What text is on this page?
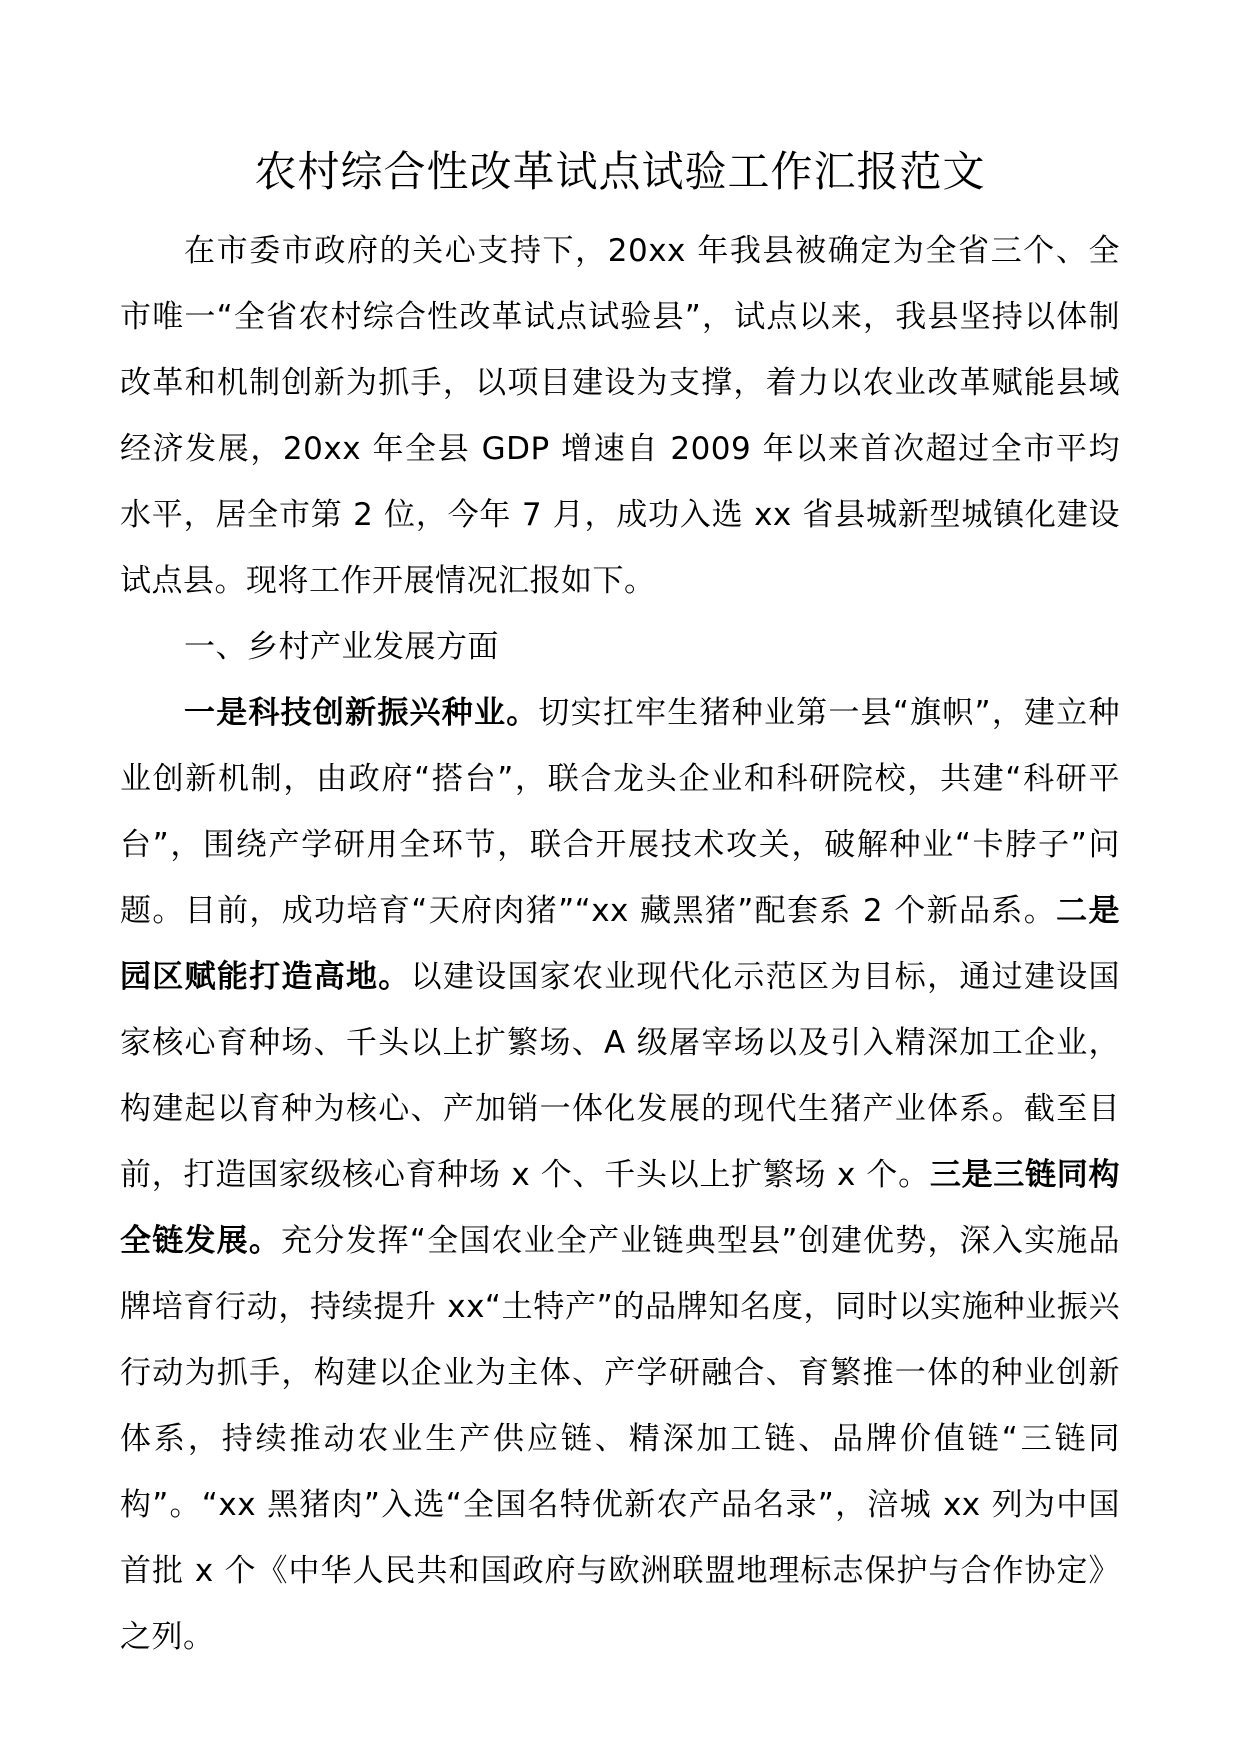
农村综合性改革试点试验工作汇报范文

在市委市政府的关心支持下，20xx 年我县被确定为全省三个、全市唯一“全省农村综合性改革试点试验县”，试点以来，我县坚持以体制改革和机制创新为抓手，以项目建设为支撑，着力以农业改革赋能县域经济发展，20xx 年全县 GDP 增速自 2009 年以来首次超过全市平均水平，居全市第 2 位，今年 7 月，成功入选 xx 省县城新型城镇化建设试点县。现将工作开展情况汇报如下。

一、乡村产业发展方面

一是科技创新振兴种业。切实扛牢生猪种业第一县“旗帜”，建立种业创新机制，由政府“搭台”，联合龙头企业和科研院校，共建“科研平台”，围绕产学研用全环节，联合开展技术攻关，破解种业“卡脖子”问题。目前，成功培育“天府肉猪”“xx 藏黑猪”配套系 2 个新品系。二是园区赋能打造高地。以建设国家农业现代化示范区为目标，通过建设国家核心育种场、千头以上扩繁场、A 级屠宰场以及引入精深加工企业，构建起以育种为核心、产加销一体化发展的现代生猪产业体系。截至目前，打造国家级核心育种场 x 个、千头以上扩繁场 x 个。三是三链同构全链发展。充分发挥“全国农业全产业链典型县”创建优势，深入实施品牌培育行动，持续提升 xx“土特产”的品牌知名度，同时以实施种业振兴行动为抓手，构建以企业为主体、产学研融合、育繁推一体的种业创新体系，持续推动农业生产供应链、精深加工链、品牌价值链“三链同构”。“xx 黑猪肉”入选“全国名特优新农产品名录”，涪城 xx 列为中国首批 x 个《中华人民共和国政府与欧洲联盟地理标志保护与合作协定》之列。
